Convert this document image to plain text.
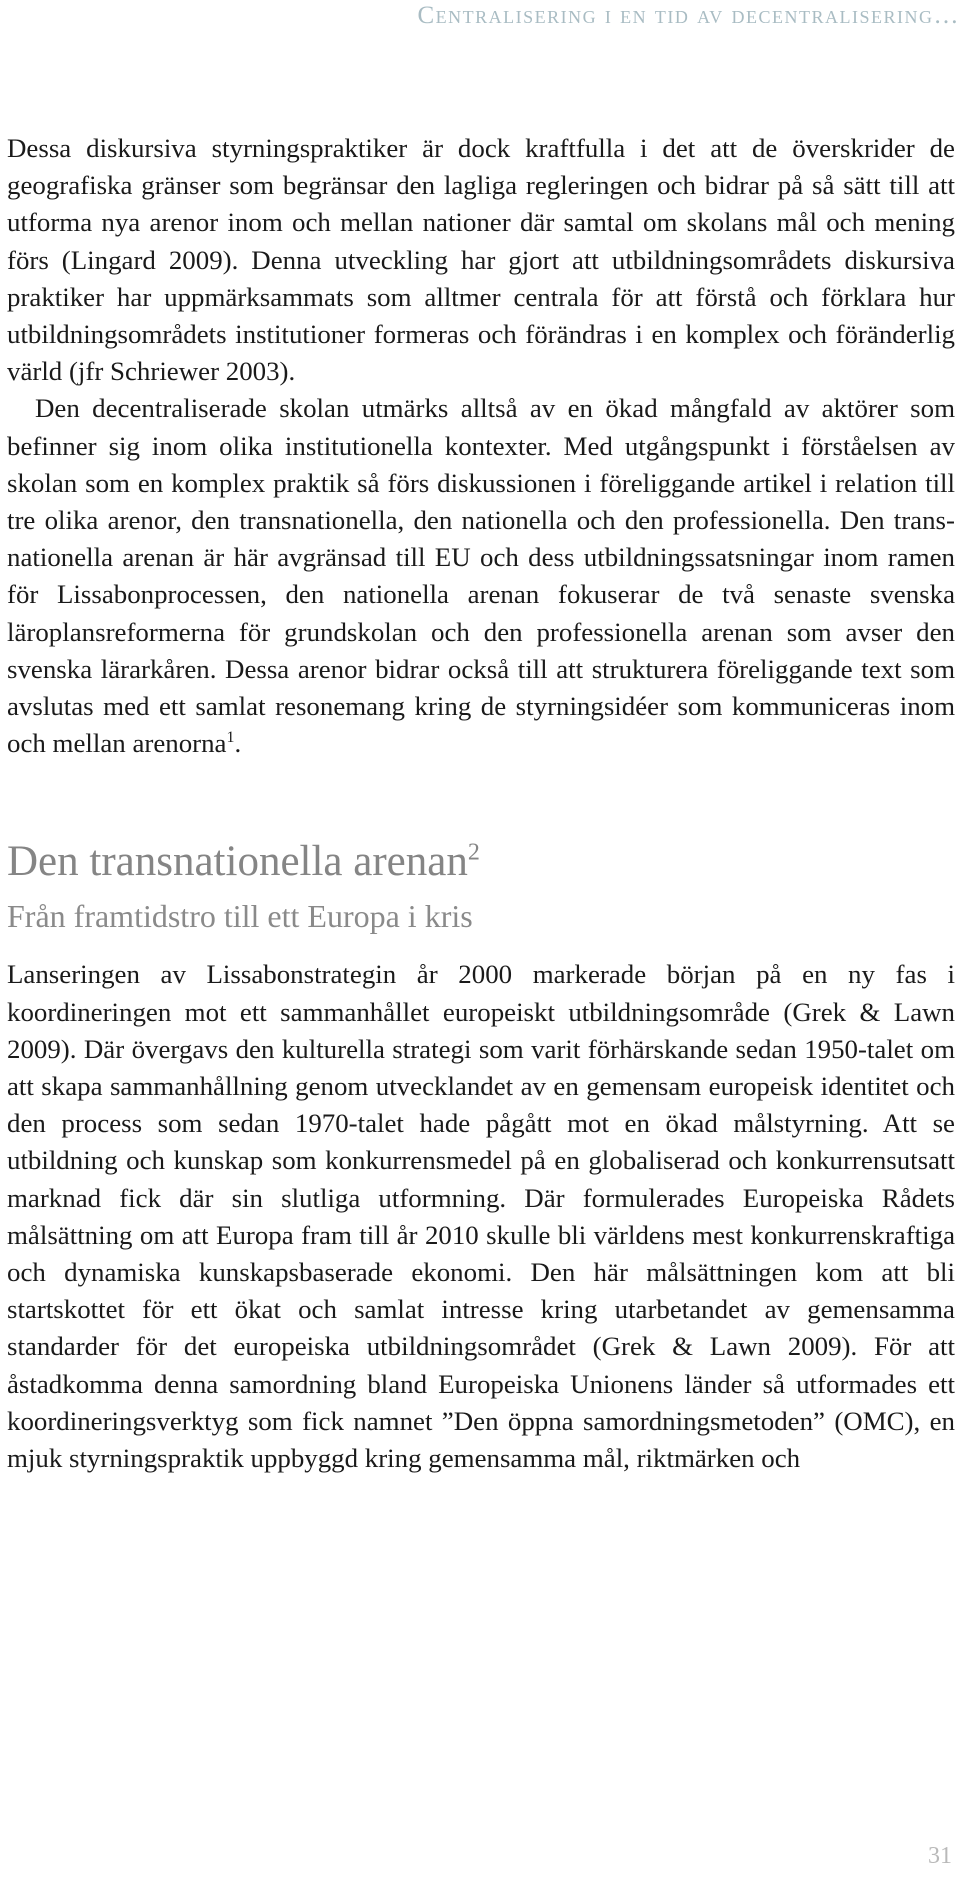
Centralisering i en tid av decentralisering…

Dessa diskursiva styrningspraktiker är dock kraftfulla i det att de överskrider de geografiska gränser som begränsar den lagliga regleringen och bidrar på så sätt till att utforma nya arenor inom och mellan nationer där samtal om skolans mål och mening förs (Lingard 2009). Denna utveckling har gjort att utbildningsområdets diskursiva praktiker har uppmärksammats som alltmer centrala för att förstå och förklara hur utbildningsområdets institutioner formeras och förändras i en komplex och föränderlig värld (jfr Schriewer 2003).

Den decentraliserade skolan utmärks alltså av en ökad mångfald av aktörer som befinner sig inom olika institutionella kontexter. Med utgångspunkt i förståelsen av skolan som en komplex praktik så förs diskussionen i föreliggande artikel i relation till tre olika arenor, den transnationella, den nationella och den professionella. Den transnationella arenan är här avgränsad till EU och dess utbildningssatsningar inom ramen för Lissabonprocessen, den nationella arenan fokuserar de två senaste svenska läroplansreformerna för grundskolan och den professionella arenan som avser den svenska lärarkåren. Dessa arenor bidrar också till att strukturera föreliggande text som avslutas med ett samlat resonemang kring de styrningsidéer som kommuniceras inom och mellan arenorna$^1$.

Den transnationella arenan$^2$
Från framtidstro till ett Europa i kris

Lanseringen av Lissabonstrategin år 2000 markerade början på en ny fas i koordineringen mot ett sammanhållet europeiskt utbildningsområde (Grek & Lawn 2009). Där övergavs den kulturella strategi som varit förhärskande sedan 1950-talet om att skapa sammanhållning genom utvecklandet av en gemensam europeisk identitet och den process som sedan 1970-talet hade pågått mot en ökad målstyrning. Att se utbildning och kunskap som konkurrensmedel på en globaliserad och konkurrensutsatt marknad fick där sin slutliga utformning. Där formulerades Europeiska Rådets målsättning om att Europa fram till år 2010 skulle bli världens mest konkurrenskraftiga och dynamiska kunskapsbaserade ekonomi. Den här målsättningen kom att bli startskottet för ett ökat och samlat intresse kring utarbetandet av gemensamma standarder för det europeiska utbildningsområdet (Grek & Lawn 2009). För att åstadkomma denna samordning bland Europeiska Unionens länder så utformades ett koordineringsverktyg som fick namnet ”Den öppna samordningsmetoden” (OMC), en mjuk styrningspraktik uppbyggd kring gemensamma mål, riktmärken och

31
